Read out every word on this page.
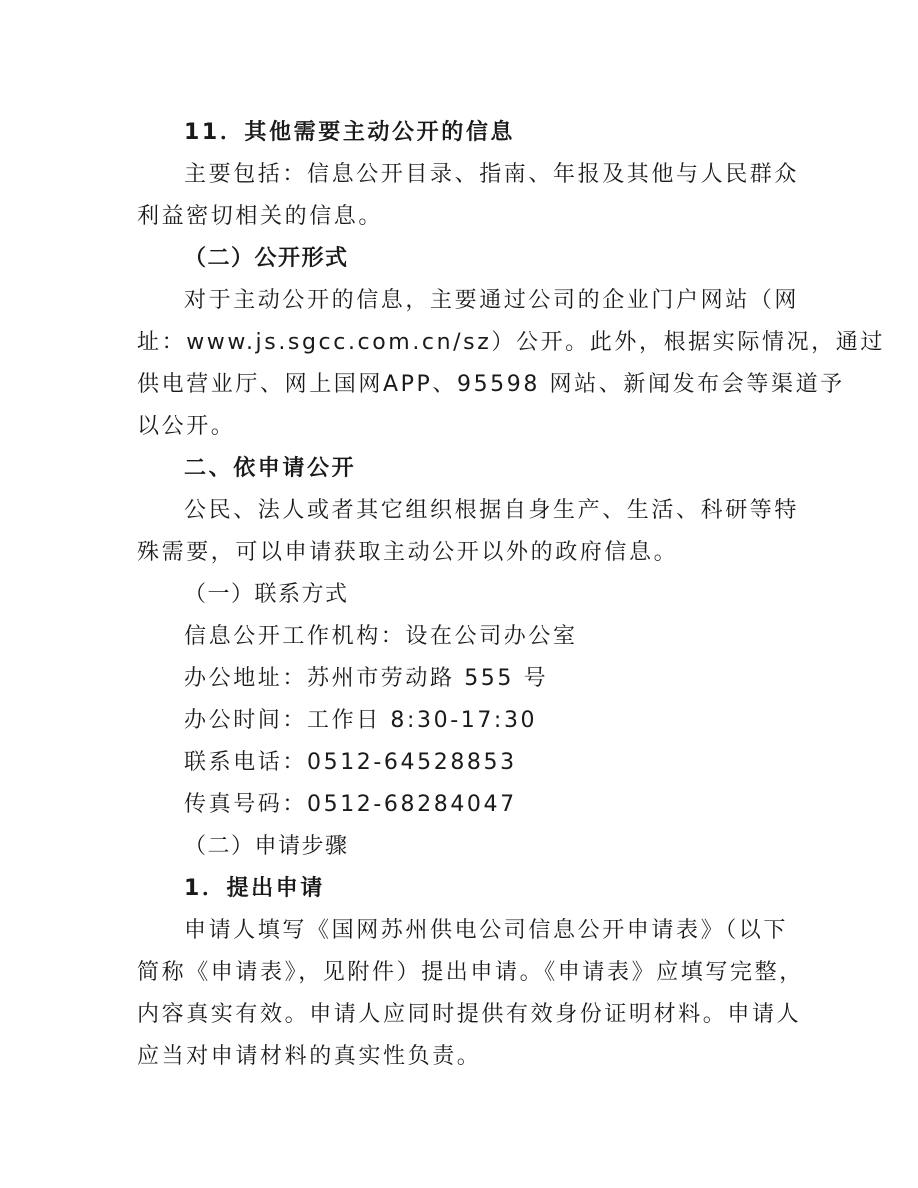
11．其他需要主动公开的信息
主要包括：信息公开目录、指南、年报及其他与人民群众
利益密切相关的信息。
（二）公开形式
对于主动公开的信息，主要通过公司的企业门户网站（网
址：www.js.sgcc.com.cn/sz）公开。此外，根据实际情况，通过
供电营业厅、网上国网APP、95598 网站、新闻发布会等渠道予
以公开。
二、依申请公开
公民、法人或者其它组织根据自身生产、生活、科研等特
殊需要，可以申请获取主动公开以外的政府信息。
（一）联系方式
信息公开工作机构：设在公司办公室
办公地址：苏州市劳动路 555 号
办公时间：工作日 8:30-17:30
联系电话：0512-64528853
传真号码：0512-68284047
（二）申请步骤
1．提出申请
申请人填写《国网苏州供电公司信息公开申请表》（以下
简称《申请表》，见附件）提出申请。《申请表》应填写完整，
内容真实有效。申请人应同时提供有效身份证明材料。申请人
应当对申请材料的真实性负责。
